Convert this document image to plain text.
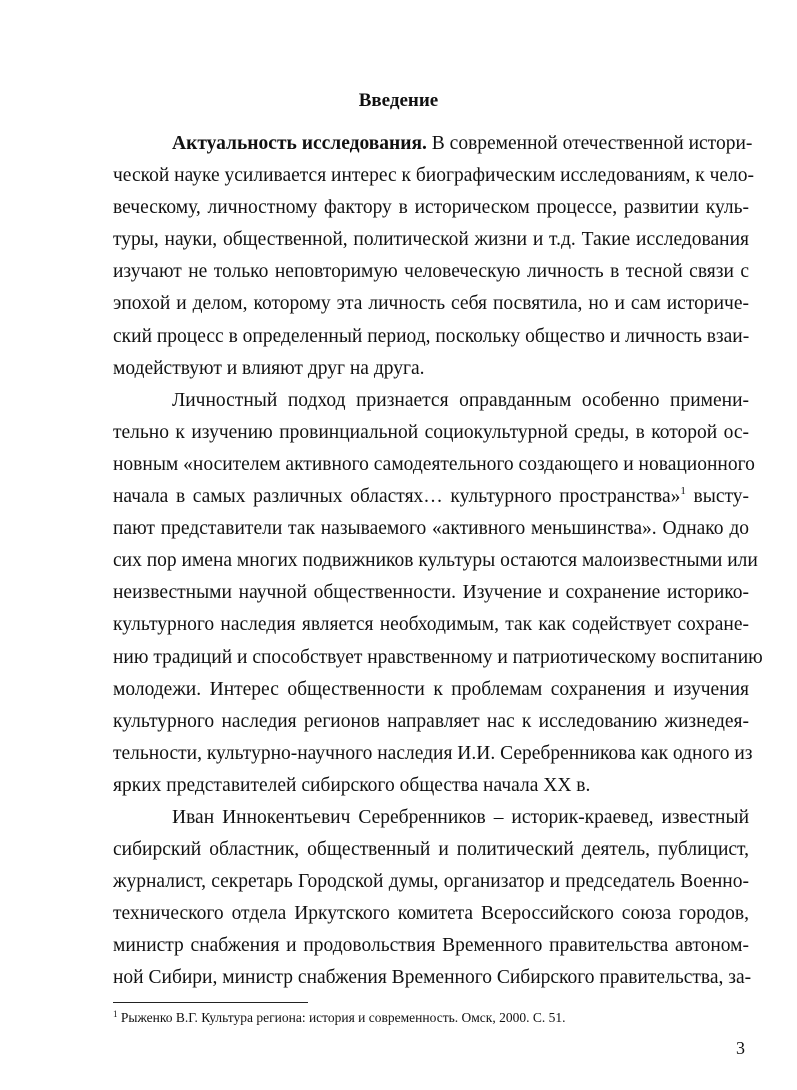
Введение
Актуальность исследования. В современной отечественной истори-
ческой науке усиливается интерес к биографическим исследованиям, к чело-
веческому, личностному фактору в историческом процессе, развитии куль-
туры, науки, общественной, политической жизни и т.д. Такие исследования
изучают не только неповторимую человеческую личность в тесной связи с
эпохой и делом, которому эта личность себя посвятила, но и сам историче-
ский процесс в определенный период, поскольку общество и личность взаи-
модействуют и влияют друг на друга.
Личностный подход признается оправданным особенно примени-
тельно к изучению провинциальной социокультурной среды, в которой ос-
новным «носителем активного самодеятельного создающего и новационного
начала в самых различных областях… культурного пространства»$^1$ высту-
пают представители так называемого «активного меньшинства». Однако до
сих пор имена многих подвижников культуры остаются малоизвестными или
неизвестными научной общественности. Изучение и сохранение историко-
культурного наследия является необходимым, так как содействует сохране-
нию традиций и способствует нравственному и патриотическому воспитанию
молодежи. Интерес общественности к проблемам сохранения и изучения
культурного наследия регионов направляет нас к исследованию жизнедея-
тельности, культурно-научного наследия И.И. Серебренникова как одного из
ярких представителей сибирского общества начала XX в.
Иван Иннокентьевич Серебренников – историк-краевед, известный
сибирский областник, общественный и политический деятель, публицист,
журналист, секретарь Городской думы, организатор и председатель Военно-
технического отдела Иркутского комитета Всероссийского союза городов,
министр снабжения и продовольствия Временного правительства автоном-
ной Сибири, министр снабжения Временного Сибирского правительства, за-
$^1$ Рыженко В.Г. Культура региона: история и современность. Омск, 2000. С. 51.
3
